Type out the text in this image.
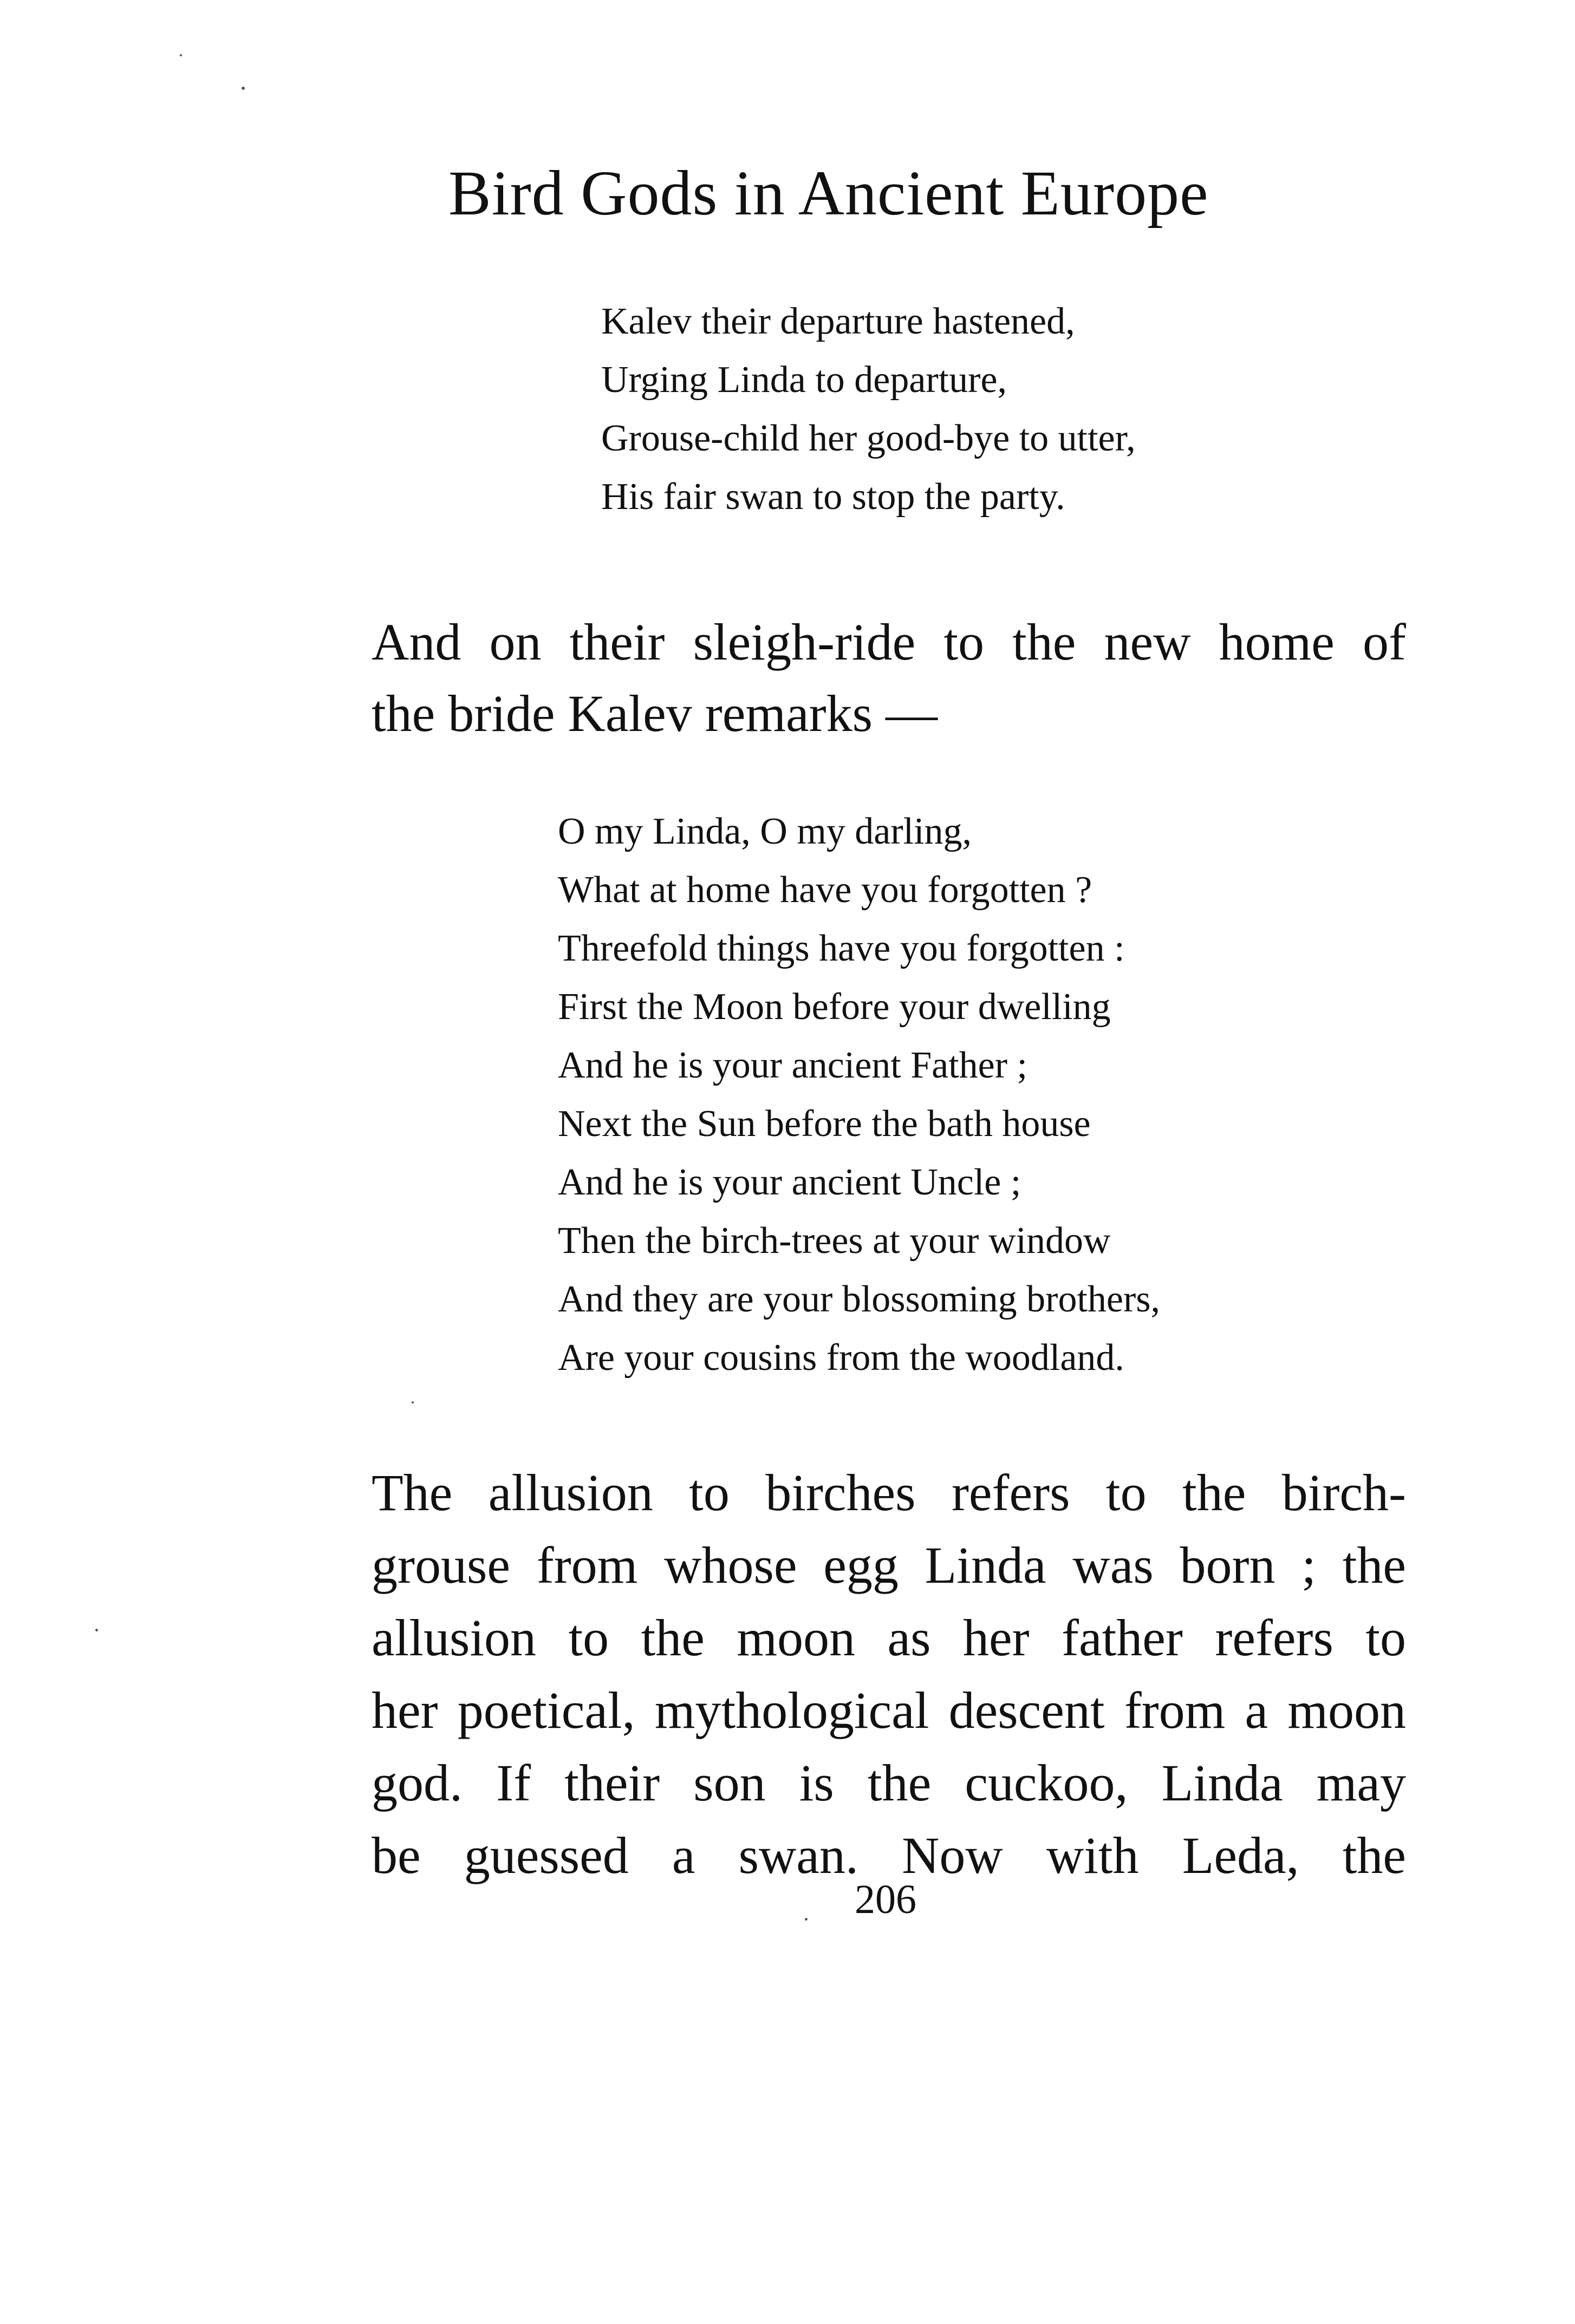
Bird Gods in Ancient Europe
Kalev their departure hastened,
Urging Linda to departure,
Grouse-child her good-bye to utter,
His fair swan to stop the party.
And on their sleigh-ride to the new home of
the bride Kalev remarks —
O my Linda, O my darling,
What at home have you forgotten ?
Threefold things have you forgotten :
First the Moon before your dwelling
And he is your ancient Father ;
Next the Sun before the bath house
And he is your ancient Uncle ;
Then the birch-trees at your window
And they are your blossoming brothers,
Are your cousins from the woodland.
The allusion to birches refers to the birch-
grouse from whose egg Linda was born ; the
allusion to the moon as her father refers to
her poetical, mythological descent from a moon
god. If their son is the cuckoo, Linda may
be guessed a swan. Now with Leda, the
206
